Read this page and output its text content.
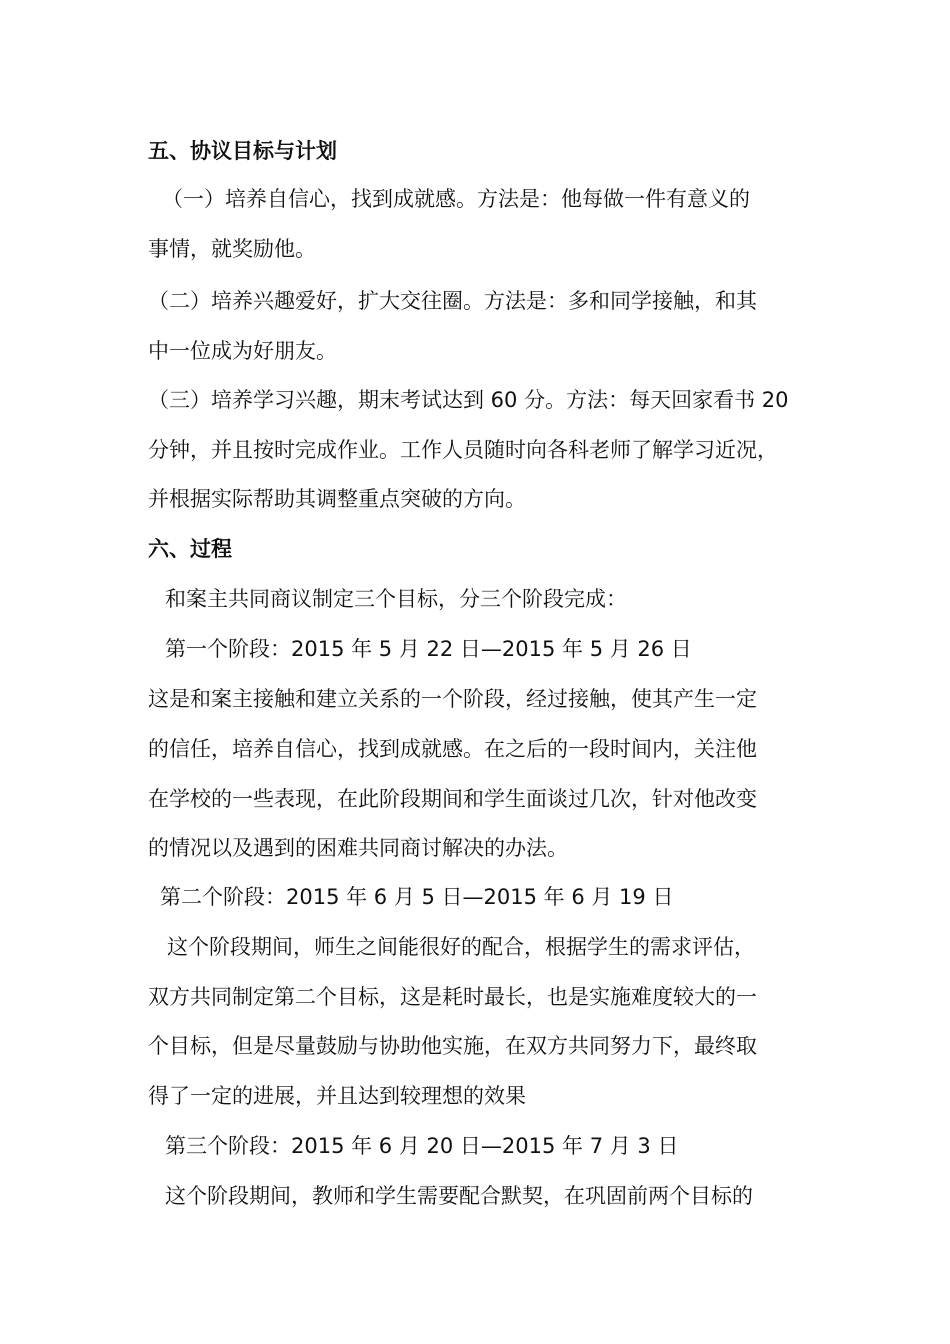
五、协议目标与计划
（一）培养自信心，找到成就感。方法是：他每做一件有意义的
事情，就奖励他。
（二）培养兴趣爱好，扩大交往圈。方法是：多和同学接触，和其
中一位成为好朋友。
（三）培养学习兴趣，期末考试达到 60 分。方法：每天回家看书 20
分钟，并且按时完成作业。工作人员随时向各科老师了解学习近况，
并根据实际帮助其调整重点突破的方向。
六、过程
和案主共同商议制定三个目标，分三个阶段完成：
第一个阶段：2015 年 5 月 22 日—2015 年 5 月 26 日
这是和案主接触和建立关系的一个阶段，经过接触，使其产生一定
的信任，培养自信心，找到成就感。在之后的一段时间内，关注他
在学校的一些表现，在此阶段期间和学生面谈过几次，针对他改变
的情况以及遇到的困难共同商讨解决的办法。
第二个阶段：2015 年 6 月 5 日—2015 年 6 月 19 日
这个阶段期间，师生之间能很好的配合，根据学生的需求评估，
双方共同制定第二个目标，这是耗时最长，也是实施难度较大的一
个目标，但是尽量鼓励与协助他实施，在双方共同努力下，最终取
得了一定的进展，并且达到较理想的效果
第三个阶段：2015 年 6 月 20 日—2015 年 7 月 3 日
这个阶段期间，教师和学生需要配合默契，在巩固前两个目标的
